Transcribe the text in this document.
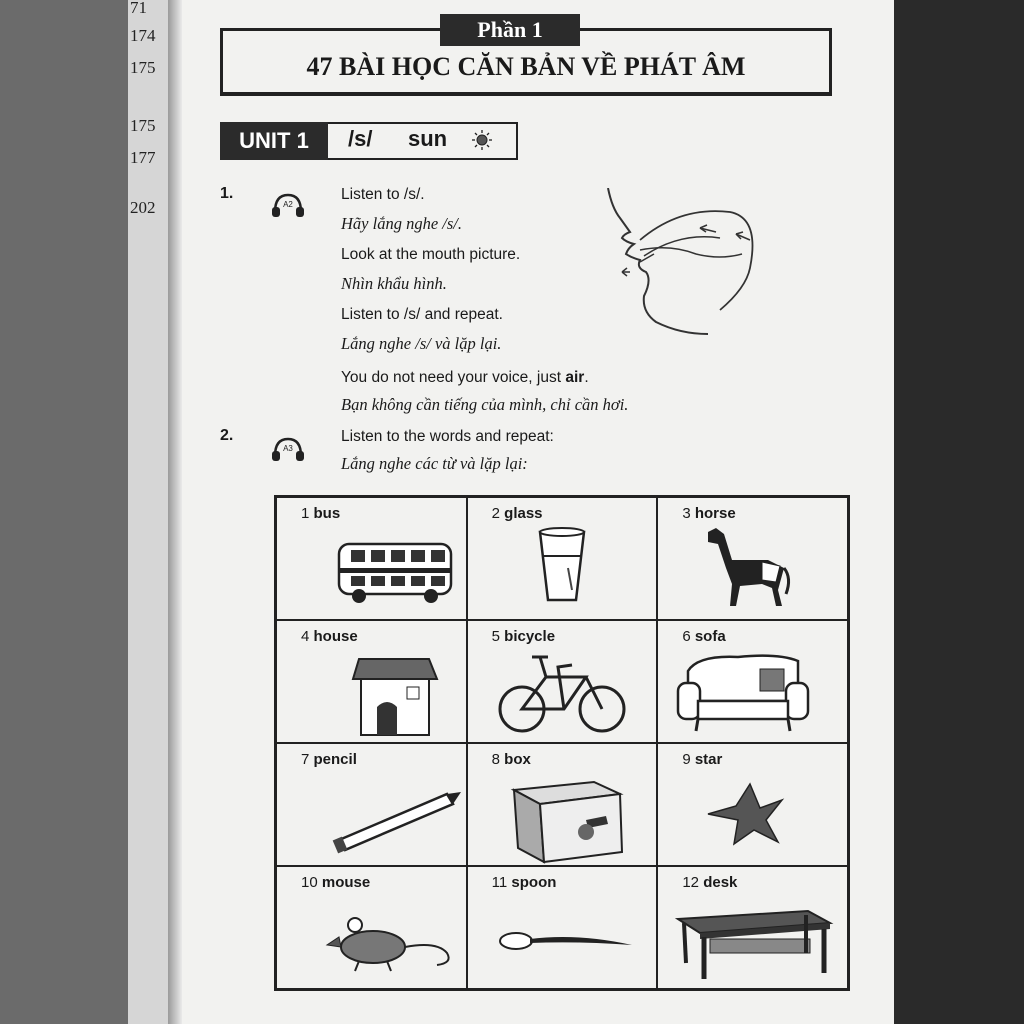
71
174
175
175
177
202
Phần 1
47 BÀI HỌC CĂN BẢN VỀ PHÁT ÂM
UNIT 1	/s/ sun
1.
A2
Listen to /s/.
Hãy lắng nghe /s/.
Look at the mouth picture.
Nhìn khẩu hình.
Listen to /s/ and repeat.
Lắng nghe /s/ và lặp lại.
You do not need your voice, just air.
Bạn không cần tiếng của mình, chỉ cần hơi.
2.
A3
Listen to the words and repeat:
Lắng nghe các từ và lặp lại:
1 bus	2 glass	3 horse
4 house	5 bicycle	6 sofa
7 pencil	8 box	9 star
10 mouse	11 spoon	12 desk
